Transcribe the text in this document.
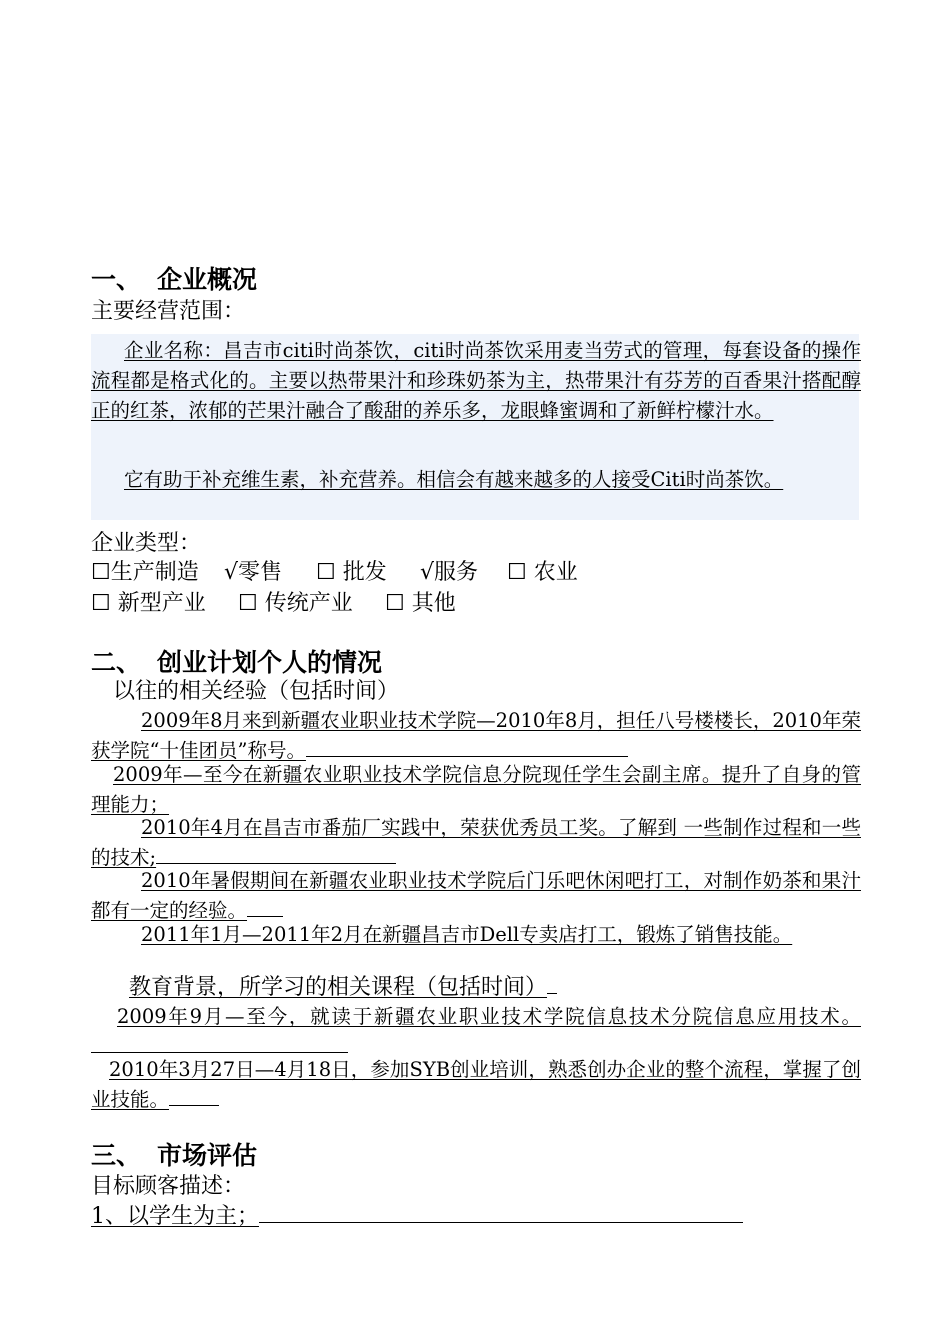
一、 企业概况
主要经营范围：
企业名称：昌吉市citi时尚茶饮，citi时尚茶饮采用麦当劳式的管理，每套设备的操作流程都是格式化的。主要以热带果汁和珍珠奶茶为主，热带果汁有芬芳的百香果汁搭配醇正的红茶，浓郁的芒果汁融合了酸甜的养乐多，龙眼蜂蜜调和了新鲜柠檬汁水。
它有助于补充维生素，补充营养。相信会有越来越多的人接受Citi时尚茶饮。
企业类型：
☐生产制造 √零售 ☐ 批发 √服务 ☐ 农业
☐ 新型产业 ☐ 传统产业 ☐ 其他
二、 创业计划个人的情况
以往的相关经验（包括时间）
2009年8月来到新疆农业职业技术学院—2010年8月，担任八号楼楼长，2010年荣获学院“十佳团员”称号。
2009年—至今在新疆农业职业技术学院信息分院现任学生会副主席。提升了自身的管理能力；
2010年4月在昌吉市番茄厂实践中，荣获优秀员工奖。了解到 一些制作过程和一些的技术;
2010年暑假期间在新疆农业职业技术学院后门乐吧休闲吧打工，对制作奶茶和果汁都有一定的经验。
2011年1月—2011年2月在新疆昌吉市Dell专卖店打工，锻炼了销售技能。
教育背景，所学习的相关课程（包括时间）
2009年9月—至今，就读于新疆农业职业技术学院信息技术分院信息应用技术。
2010年3月27日—4月18日，参加SYB创业培训，熟悉创办企业的整个流程，掌握了创业技能。
三、 市场评估
目标顾客描述：
1、以学生为主；
